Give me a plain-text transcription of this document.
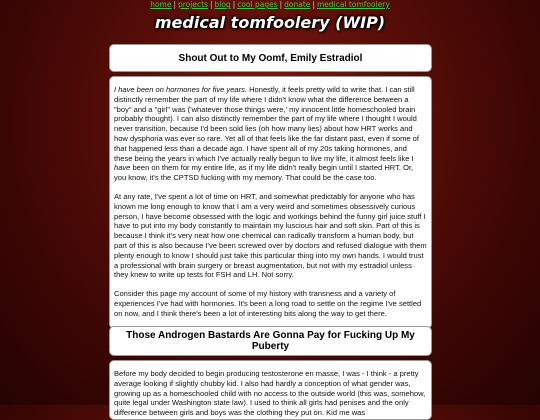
home | projects | blog | cool pages | donate | medical tomfoolery
medical tomfoolery (WIP)
Shout Out to My Oomf, Emily Estradiol

I have been on hormones for five years. Honestly, it feels pretty wild to write that. I can still distinctly remember the part of my life where I didn't know what the difference between a "boy" and a "girl" was ('whatever those things were,' my innocent little homeschooled brain probably thought). I can also distinctly remember the part of my life where I thought I would never transition, because I'd been sold lies (oh how many lies) about how HRT works and how dysphoria was ever so rare. Yet all of that feels like the far distant past, even if some of that happened less than a decade ago. I have spent all of my 20s taking hormones, and these being the years in which I've actually really begun to live my life, it almost feels like I have been on them for my entire life, as if my life didn't really begin until I started HRT. Or, you know, it's the CPTSD fucking with my memory. That could be the case too.

At any rate, I've spent a lot of time on HRT, and somewhat predictably for anyone who has known me long enough to know that I am a very weird and sometimes obsessively curious person, I have become obsessed with the logic and workings behind the funny girl juice stuff I have to put into my body constantly to maintain my luscious hair and soft skin. Part of this is because I think it's very neat how one chemical can radically transform a human body, but part of this is also because I've been screwed over by doctors and refused dialogue with them plenty enough to know I should just take this particular thing into my own hands. I would trust a professional with brain surgery or breast augmentation, but not with my estradiol unless they knew to write up tests for FSH and LH. Not sorry.

Consider this page my account of some of my history with transness and a variety of experiences I've had with hormones. It's been a long road to settle on the regime I've settled on now, and I think there's been a lot of interesting bits along the way to get there.

Those Androgen Bastards Are Gonna Pay for Fucking Up My Puberty

Before my body decided to begin producing testosterone en masse, I was - I think - a pretty average looking if slightly chubby kid. I also had hardly a conception of what gender was, growing up as a homeschooled child with no access to the outside world (this was, somehow, quite legal under Washington state law). I used to think all girls had penises and the only difference between girls and boys was the clothing they put on. Kid me was
